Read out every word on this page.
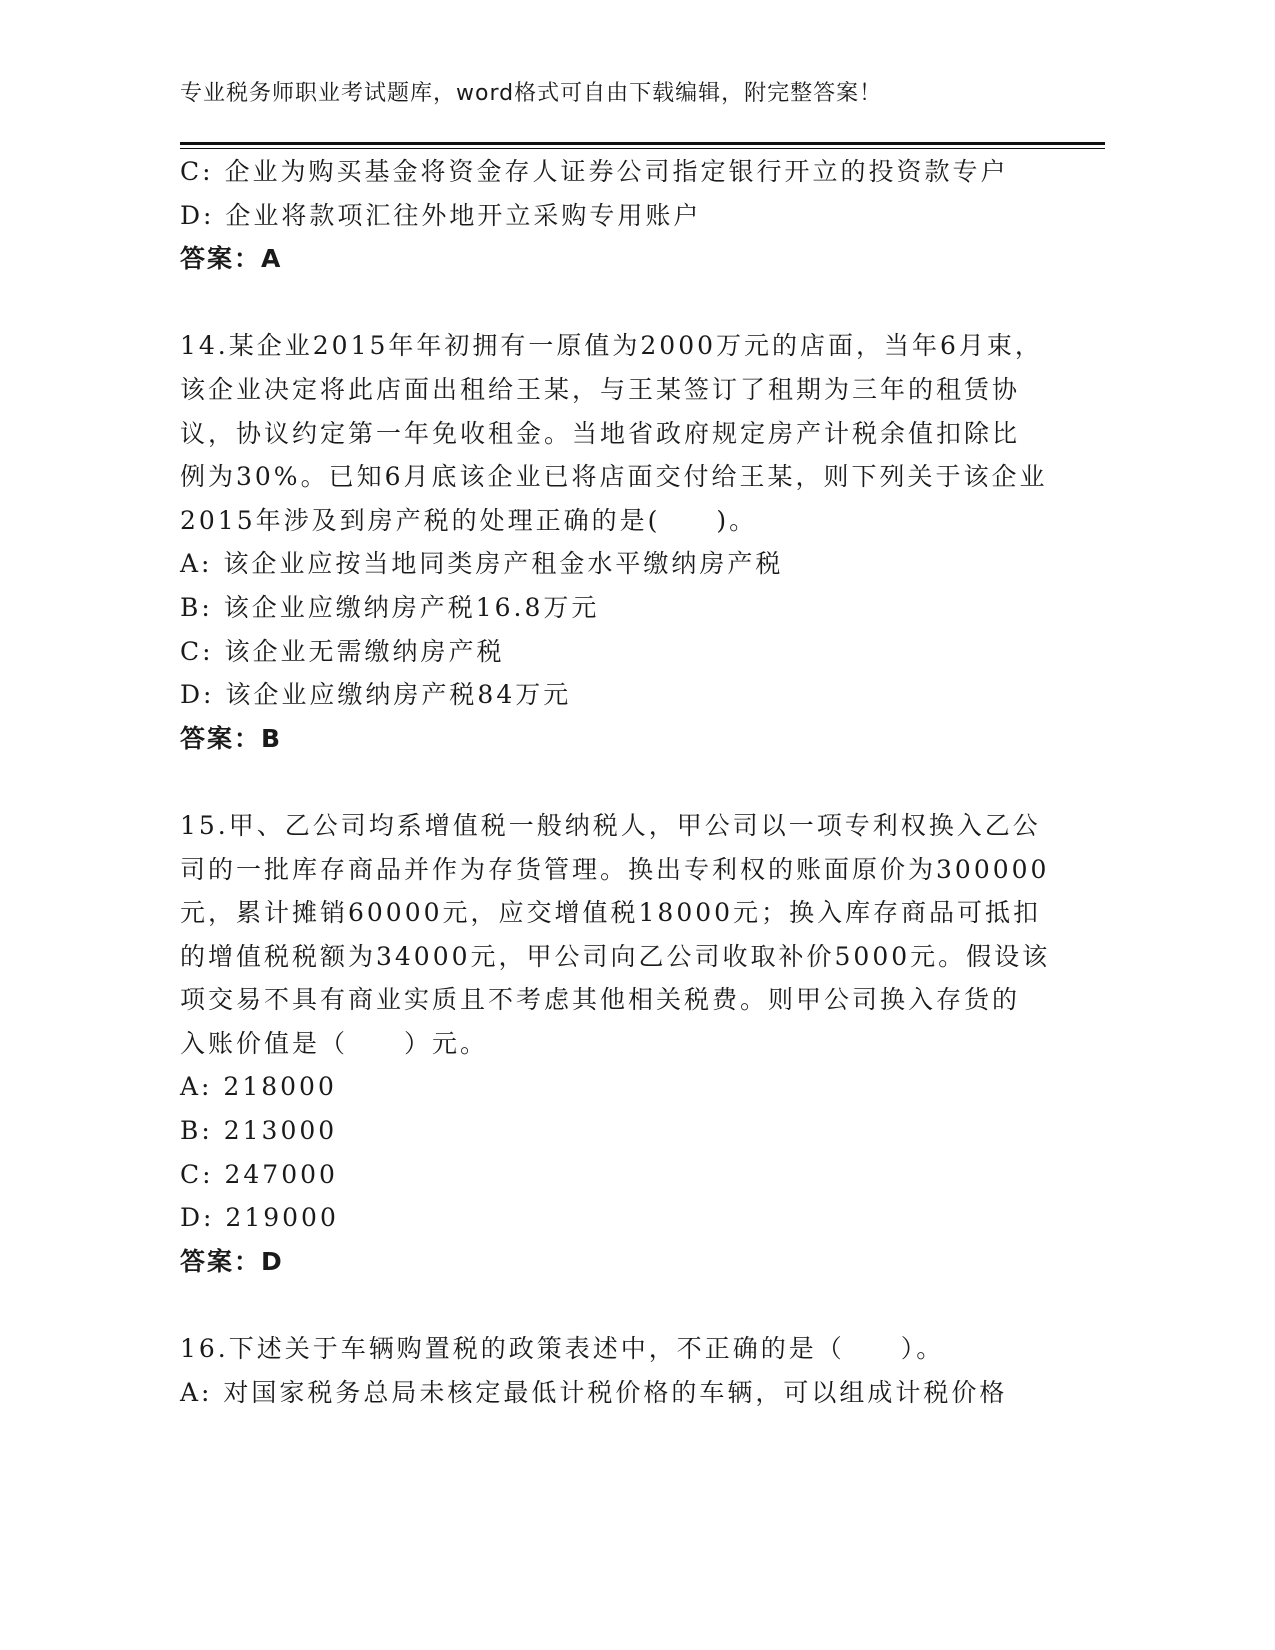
专业税务师职业考试题库，word格式可自由下载编辑，附完整答案！
C: 企业为购买基金将资金存人证券公司指定银行开立的投资款专户
D: 企业将款项汇往外地开立采购专用账户
答案：A
14.某企业2015年年初拥有一原值为2000万元的店面，当年6月束，
该企业决定将此店面出租给王某，与王某签订了租期为三年的租赁协
议，协议约定第一年免收租金。当地省政府规定房产计税余值扣除比
例为30%。已知6月底该企业已将店面交付给王某，则下列关于该企业
2015年涉及到房产税的处理正确的是(　　)。
A: 该企业应按当地同类房产租金水平缴纳房产税
B: 该企业应缴纳房产税16.8万元
C: 该企业无需缴纳房产税
D: 该企业应缴纳房产税84万元
答案：B
15.甲、乙公司均系增值税一般纳税人，甲公司以一项专利权换入乙公
司的一批库存商品并作为存货管理。换出专利权的账面原价为300000
元，累计摊销60000元，应交增值税18000元；换入库存商品可抵扣
的增值税税额为34000元，甲公司向乙公司收取补价5000元。假设该
项交易不具有商业实质且不考虑其他相关税费。则甲公司换入存货的
入账价值是（　　）元。
A: 218000
B: 213000
C: 247000
D: 219000
答案：D
16.下述关于车辆购置税的政策表述中，不正确的是（　　）。
A: 对国家税务总局未核定最低计税价格的车辆，可以组成计税价格
